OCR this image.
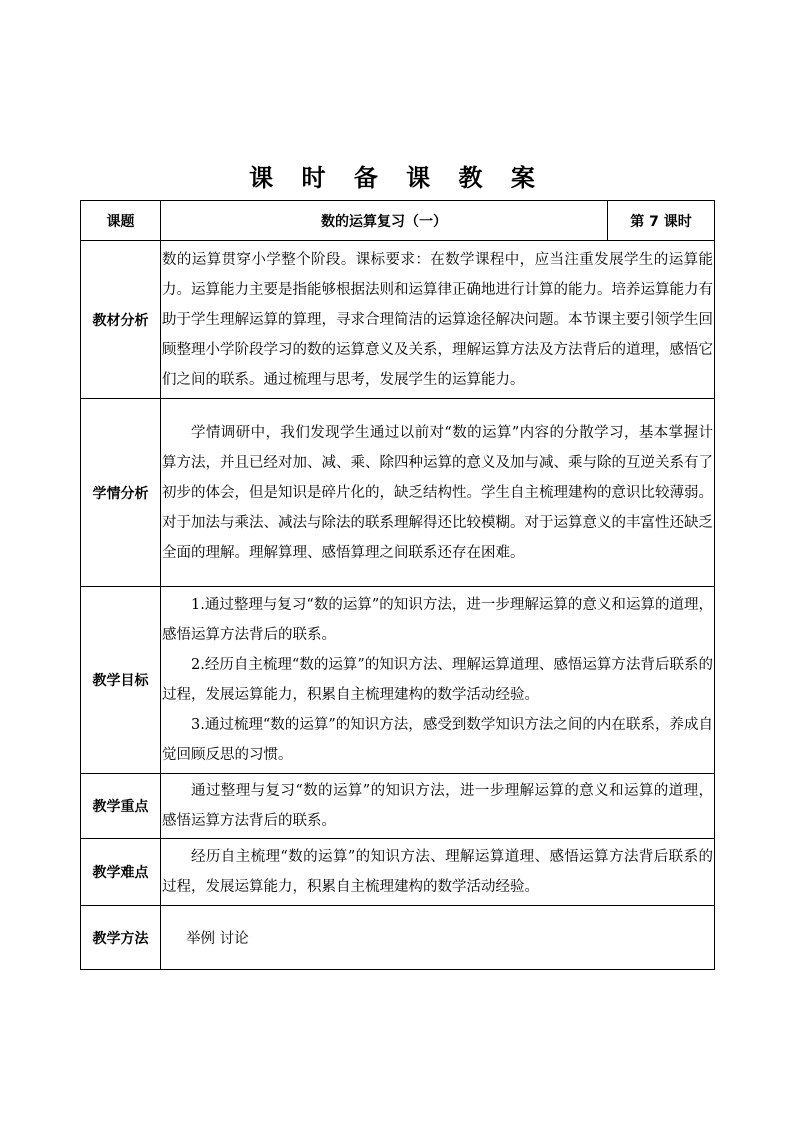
课 时 备 课 教 案
课题	数的运算复习（一）	第 7 课时
教材分析	数的运算贯穿小学整个阶段。课标要求：在数学课程中，应当注重发展学生的运算能力。运算能力主要是指能够根据法则和运算律正确地进行计算的能力。培养运算能力有助于学生理解运算的算理，寻求合理简洁的运算途径解决问题。本节课主要引领学生回顾整理小学阶段学习的数的运算意义及关系，理解运算方法及方法背后的道理，感悟它们之间的联系。通过梳理与思考，发展学生的运算能力。	
学情分析	学情调研中，我们发现学生通过以前对“数的运算”内容的分散学习，基本掌握计算方法，并且已经对加、减、乘、除四种运算的意义及加与减、乘与除的互逆关系有了初步的体会，但是知识是碎片化的，缺乏结构性。学生自主梳理建构的意识比较薄弱。对于加法与乘法、减法与除法的联系理解得还比较模糊。对于运算意义的丰富性还缺乏全面的理解。理解算理、感悟算理之间联系还存在困难。	
教学目标	1.通过整理与复习“数的运算”的知识方法，进一步理解运算的意义和运算的道理，感悟运算方法背后的联系。

2.经历自主梳理“数的运算”的知识方法、理解运算道理、感悟运算方法背后联系的过程，发展运算能力，积累自主梳理建构的数学活动经验。

3.通过梳理“数的运算”的知识方法，感受到数学知识方法之间的内在联系，养成自觉回顾反思的习惯。	

教学重点	通过整理与复习“数的运算”的知识方法，进一步理解运算的意义和运算的道理，感悟运算方法背后的联系。	
教学难点	经历自主梳理“数的运算”的知识方法、理解运算道理、感悟运算方法背后联系的过程，发展运算能力，积累自主梳理建构的数学活动经验。	
教学方法	举例 讨论	
